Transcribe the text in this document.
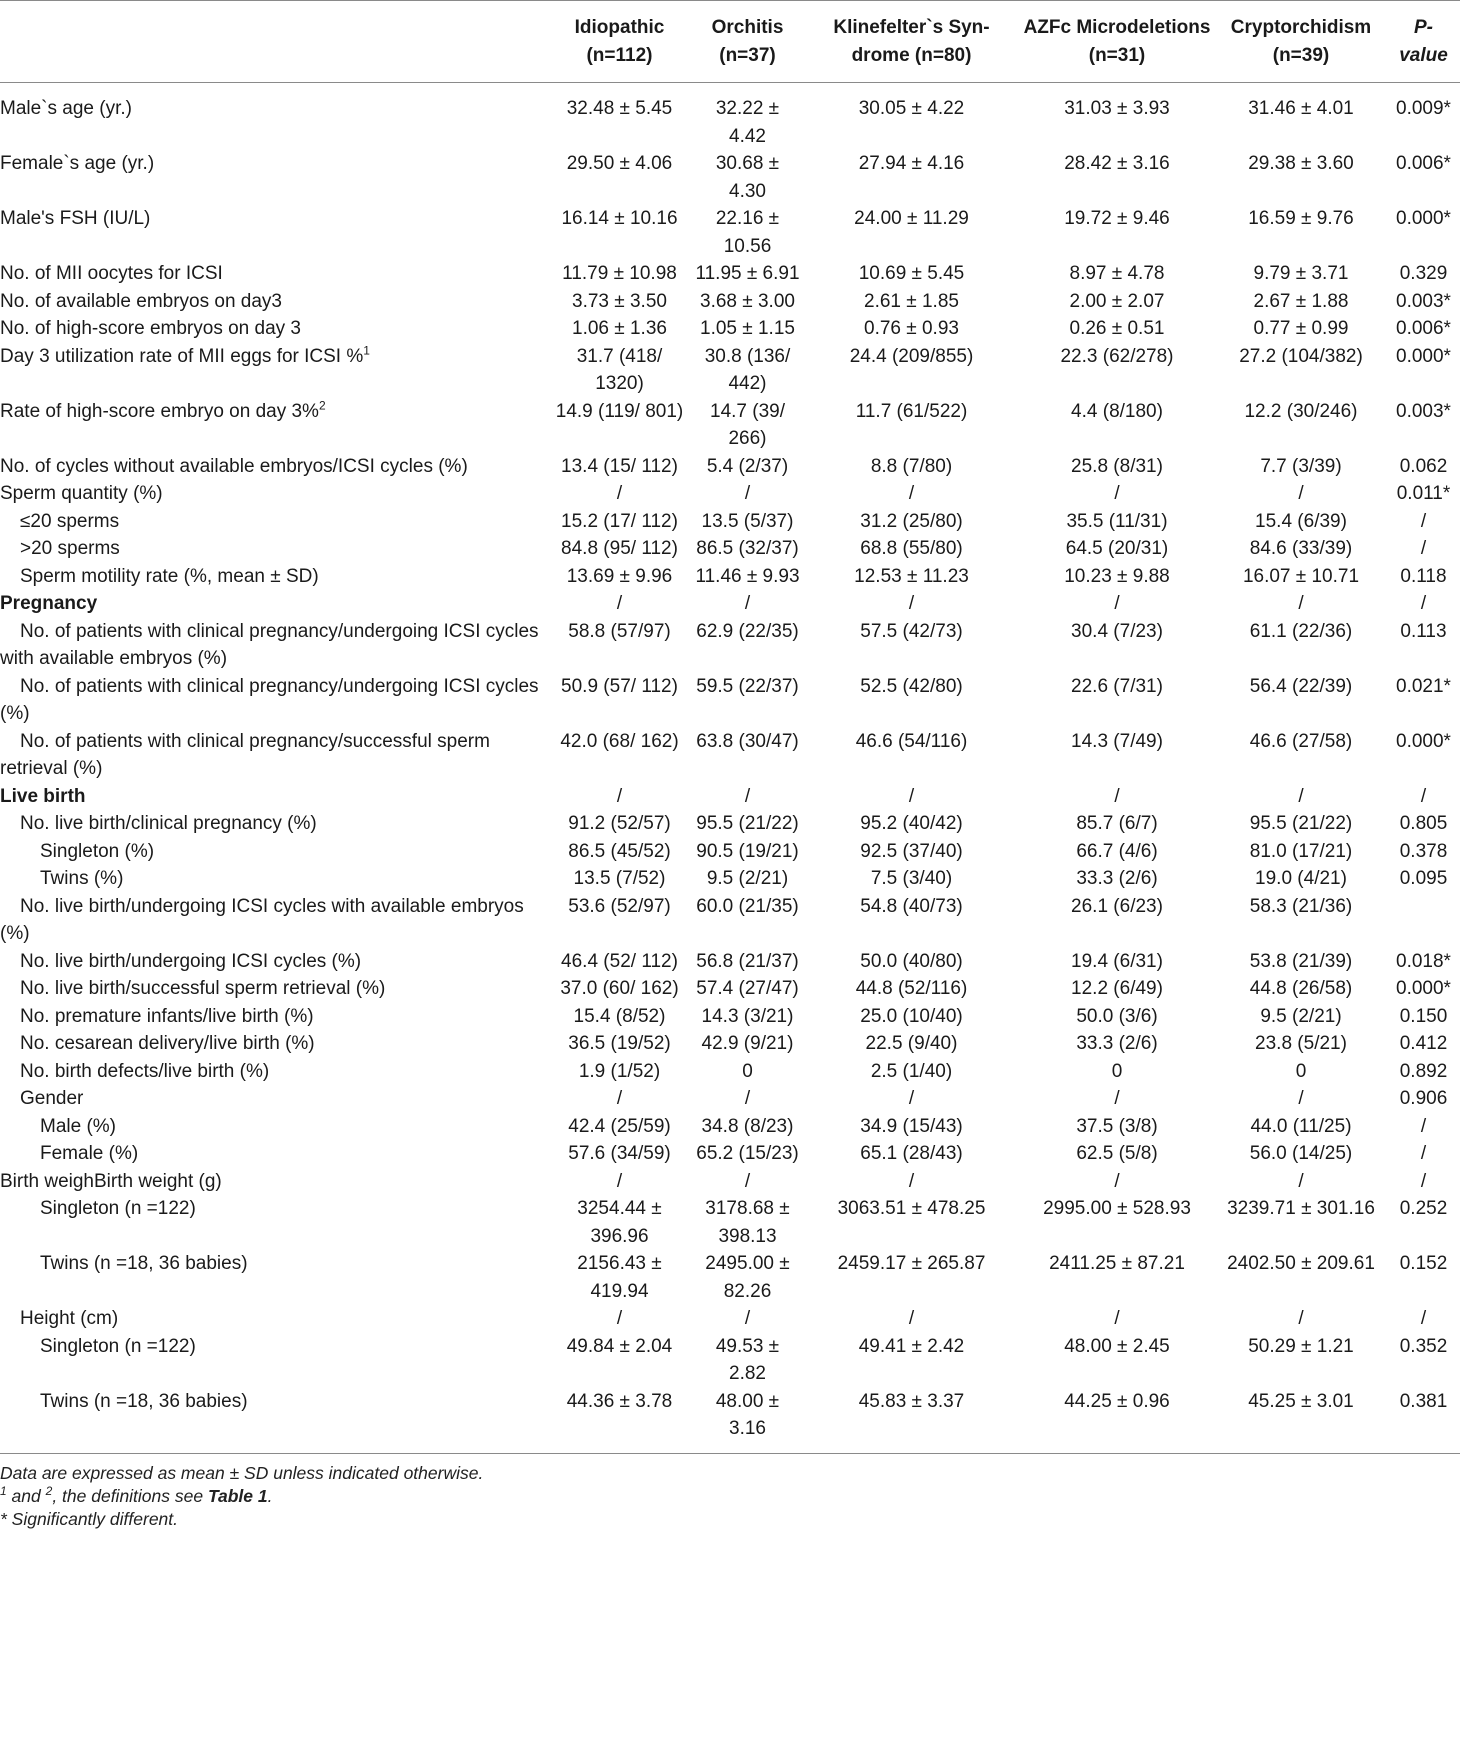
	Idiopathic (n=112)	Orchitis (n=37)	Klinefelter`s Syn-drome (n=80)	AZFc Microdeletions (n=31)	Cryptorchidism (n=39)	P-value
Male`s age (yr.)	32.48 ± 5.45	32.22 ± 4.42	30.05 ± 4.22	31.03 ± 3.93	31.46 ± 4.01	0.009*
Female`s age (yr.)	29.50 ± 4.06	30.68 ± 4.30	27.94 ± 4.16	28.42 ± 3.16	29.38 ± 3.60	0.006*
Male's FSH (IU/L)	16.14 ± 10.16	22.16 ± 10.56	24.00 ± 11.29	19.72 ± 9.46	16.59 ± 9.76	0.000*
No. of MII oocytes for ICSI	11.79 ± 10.98	11.95 ± 6.91	10.69 ± 5.45	8.97 ± 4.78	9.79 ± 3.71	0.329
No. of available embryos on day3	3.73 ± 3.50	3.68 ± 3.00	2.61 ± 1.85	2.00 ± 2.07	2.67 ± 1.88	0.003*
No. of high-score embryos on day 3	1.06 ± 1.36	1.05 ± 1.15	0.76 ± 0.93	0.26 ± 0.51	0.77 ± 0.99	0.006*
Day 3 utilization rate of MII eggs for ICSI %$^1$	31.7 (418/ 1320)	30.8 (136/ 442)	24.4 (209/855)	22.3 (62/278)	27.2 (104/382)	0.000*
Rate of high-score embryo on day 3%$^2$	14.9 (119/ 801)	14.7 (39/ 266)	11.7 (61/522)	4.4 (8/180)	12.2 (30/246)	0.003*
No. of cycles without available embryos/ICSI cycles (%)	13.4 (15/ 112)	5.4 (2/37)	8.8 (7/80)	25.8 (8/31)	7.7 (3/39)	0.062
Sperm quantity (%)	/	/	/	/	/	0.011*
≤20 sperms	15.2 (17/ 112)	13.5 (5/37)	31.2 (25/80)	35.5 (11/31)	15.4 (6/39)	/
>20 sperms	84.8 (95/ 112)	86.5 (32/37)	68.8 (55/80)	64.5 (20/31)	84.6 (33/39)	/
Sperm motility rate (%, mean ± SD)	13.69 ± 9.96	11.46 ± 9.93	12.53 ± 11.23	10.23 ± 9.88	16.07 ± 10.71	0.118
Pregnancy	/	/	/	/	/	/
No. of patients with clinical pregnancy/undergoing ICSI cycles with available embryos (%)	58.8 (57/97)	62.9 (22/35)	57.5 (42/73)	30.4 (7/23)	61.1 (22/36)	0.113
No. of patients with clinical pregnancy/undergoing ICSI cycles (%)	50.9 (57/ 112)	59.5 (22/37)	52.5 (42/80)	22.6 (7/31)	56.4 (22/39)	0.021*
No. of patients with clinical pregnancy/successful sperm retrieval (%)	42.0 (68/ 162)	63.8 (30/47)	46.6 (54/116)	14.3 (7/49)	46.6 (27/58)	0.000*
Live birth	/	/	/	/	/	/
No. live birth/clinical pregnancy (%)	91.2 (52/57)	95.5 (21/22)	95.2 (40/42)	85.7 (6/7)	95.5 (21/22)	0.805
Singleton (%)	86.5 (45/52)	90.5 (19/21)	92.5 (37/40)	66.7 (4/6)	81.0 (17/21)	0.378
Twins (%)	13.5 (7/52)	9.5 (2/21)	7.5 (3/40)	33.3 (2/6)	19.0 (4/21)	0.095
No. live birth/undergoing ICSI cycles with available embryos (%)	53.6 (52/97)	60.0 (21/35)	54.8 (40/73)	26.1 (6/23)	58.3 (21/36)	
No. live birth/undergoing ICSI cycles (%)	46.4 (52/ 112)	56.8 (21/37)	50.0 (40/80)	19.4 (6/31)	53.8 (21/39)	0.018*
No. live birth/successful sperm retrieval (%)	37.0 (60/ 162)	57.4 (27/47)	44.8 (52/116)	12.2 (6/49)	44.8 (26/58)	0.000*
No. premature infants/live birth (%)	15.4 (8/52)	14.3 (3/21)	25.0 (10/40)	50.0 (3/6)	9.5 (2/21)	0.150
No. cesarean delivery/live birth (%)	36.5 (19/52)	42.9 (9/21)	22.5 (9/40)	33.3 (2/6)	23.8 (5/21)	0.412
No. birth defects/live birth (%)	1.9 (1/52)	0	2.5 (1/40)	0	0	0.892
Gender	/	/	/	/	/	0.906
Male (%)	42.4 (25/59)	34.8 (8/23)	34.9 (15/43)	37.5 (3/8)	44.0 (11/25)	/
Female (%)	57.6 (34/59)	65.2 (15/23)	65.1 (28/43)	62.5 (5/8)	56.0 (14/25)	/
Birth weighBirth weight (g)	/	/	/	/	/	/
Singleton (n =122)	3254.44 ± 396.96	3178.68 ± 398.13	3063.51 ± 478.25	2995.00 ± 528.93	3239.71 ± 301.16	0.252
Twins (n =18, 36 babies)	2156.43 ± 419.94	2495.00 ± 82.26	2459.17 ± 265.87	2411.25 ± 87.21	2402.50 ± 209.61	0.152
Height (cm)	/	/	/	/	/	/
Singleton (n =122)	49.84 ± 2.04	49.53 ± 2.82	49.41 ± 2.42	48.00 ± 2.45	50.29 ± 1.21	0.352
Twins (n =18, 36 babies)	44.36 ± 3.78	48.00 ± 3.16	45.83 ± 3.37	44.25 ± 0.96	45.25 ± 3.01	0.381
Data are expressed as mean ± SD unless indicated otherwise.
$^1$ and $^2$, the definitions see Table 1.
* Significantly different.
